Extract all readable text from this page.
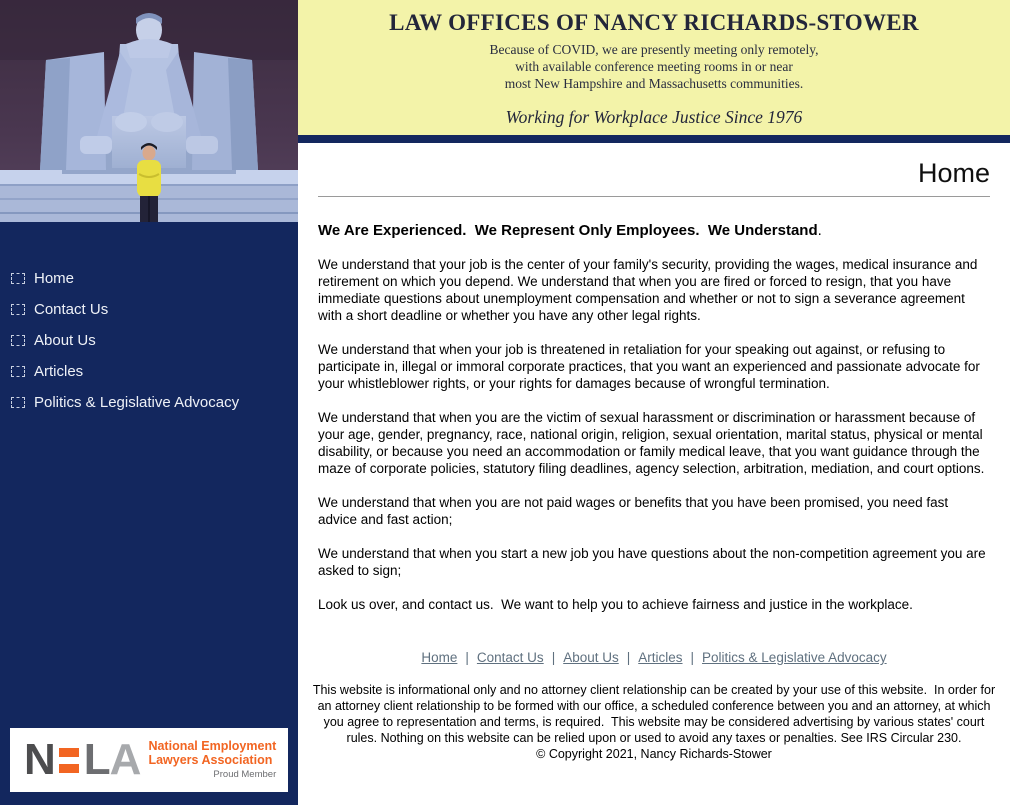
Home
Contact Us
About Us
Articles
Politics & Legislative Advocacy
N L A National Employment
Lawyers Association
Proud Member
LAW OFFICES OF NANCY RICHARDS-STOWER
Because of COVID, we are presently meeting only remotely,
with available conference meeting rooms in or near
most New Hampshire and Massachusetts communities.
Working for Workplace Justice Since 1976
Home
We Are Experienced.  We Represent Only Employees.  We Understand.

We understand that your job is the center of your family's security, providing the wages, medical insurance and retirement on which you depend. We understand that when you are fired or forced to resign, that you have immediate questions about unemployment compensation and whether or not to sign a severance agreement with a short deadline or whether you have any other legal rights.

We understand that when your job is threatened in retaliation for your speaking out against, or refusing to participate in, illegal or immoral corporate practices, that you want an experienced and passionate advocate for your whistleblower rights, or your rights for damages because of wrongful termination.

We understand that when you are the victim of sexual harassment or discrimination or harassment because of your age, gender, pregnancy, race, national origin, religion, sexual orientation, marital status, physical or mental disability, or because you need an accommodation or family medical leave, that you want guidance through the maze of corporate policies, statutory filing deadlines, agency selection, arbitration, mediation, and court options.

We understand that when you are not paid wages or benefits that you have been promised, you need fast advice and fast action;

We understand that when you start a new job you have questions about the non-competition agreement you are asked to sign;

Look us over, and contact us.  We want to help you to achieve fairness and justice in the workplace.

Home | Contact Us | About Us | Articles | Politics & Legislative Advocacy
This website is informational only and no attorney client relationship can be created by your use of this website.  In order for an attorney client relationship to be formed with our office, a scheduled conference between you and an attorney, at which you agree to representation and terms, is required.  This website may be considered advertising by various states' court rules. Nothing on this website can be relied upon or used to avoid any taxes or penalties. See IRS Circular 230.
© Copyright 2021, Nancy Richards-Stower
